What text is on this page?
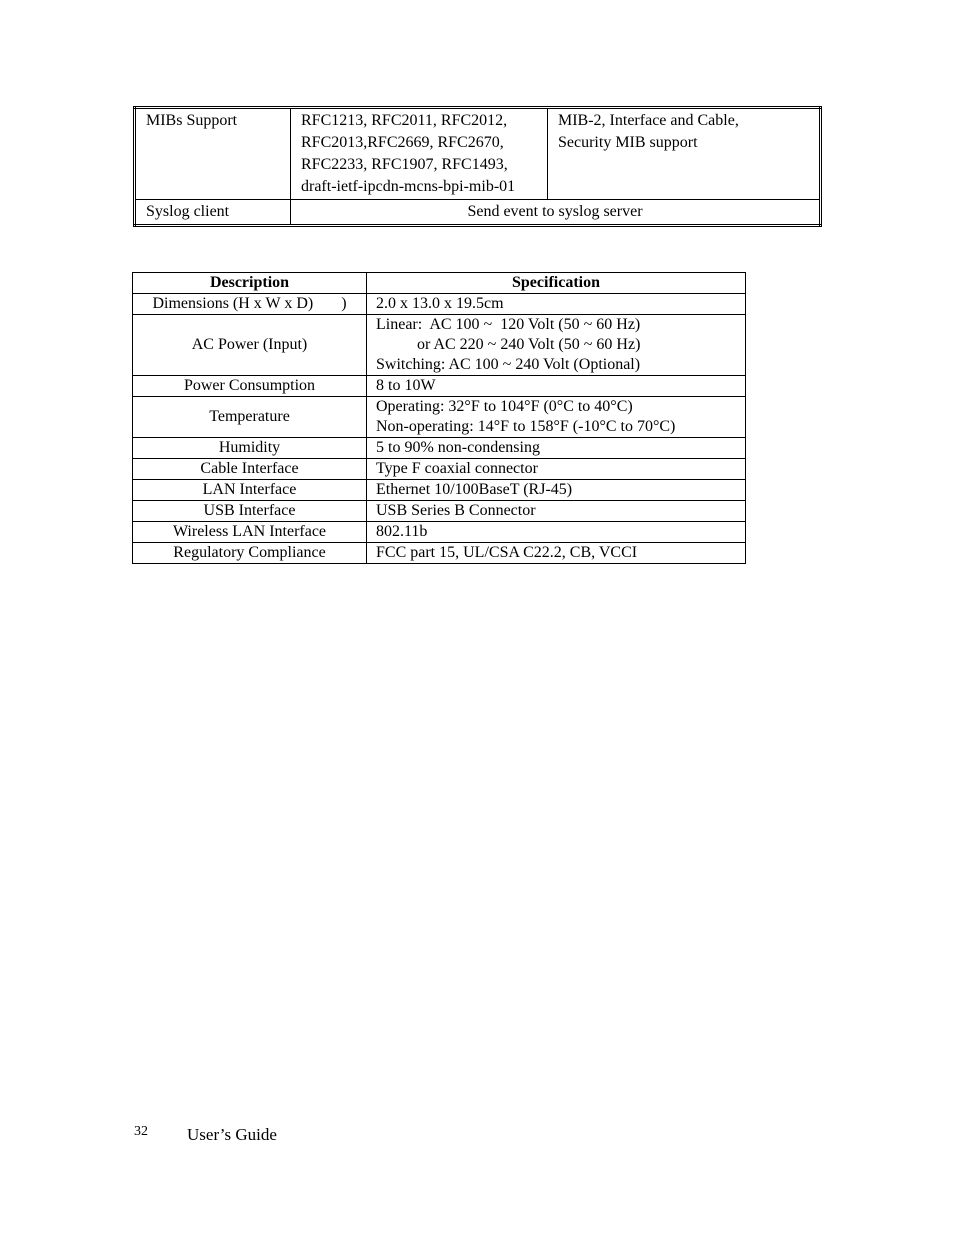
MIBs Support	RFC1213, RFC2011, RFC2012,
RFC2013,RFC2669, RFC2670,
RFC2233, RFC1907, RFC1493,
draft-ietf-ipcdn-mcns-bpi-mib-01	MIB-2, Interface and Cable,
Security MIB support

Syslog client	Send event to syslog server	
Description	Specification
Dimensions (H x W x D)       )	2.0 x 13.0 x 19.5cm

AC Power (Input)	Linear:  AC 100 ~  120 Volt (50 ~ 60 Hz)
or AC 220 ~ 240 Volt (50 ~ 60 Hz)
Switching: AC 100 ~ 240 Volt (Optional)

Power Consumption	8 to 10W

Temperature	Operating: 32°F to 104°F (0°C to 40°C)
Non-operating: 14°F to 158°F (-10°C to 70°C)

Humidity	5 to 90% non-condensing

Cable Interface	Type F coaxial connector

LAN Interface	Ethernet 10/100BaseT (RJ-45)

USB Interface	USB Series B Connector

Wireless LAN Interface	802.11b

Regulatory Compliance	FCC part 15, UL/CSA C22.2, CB, VCCI
32 User’s Guide
